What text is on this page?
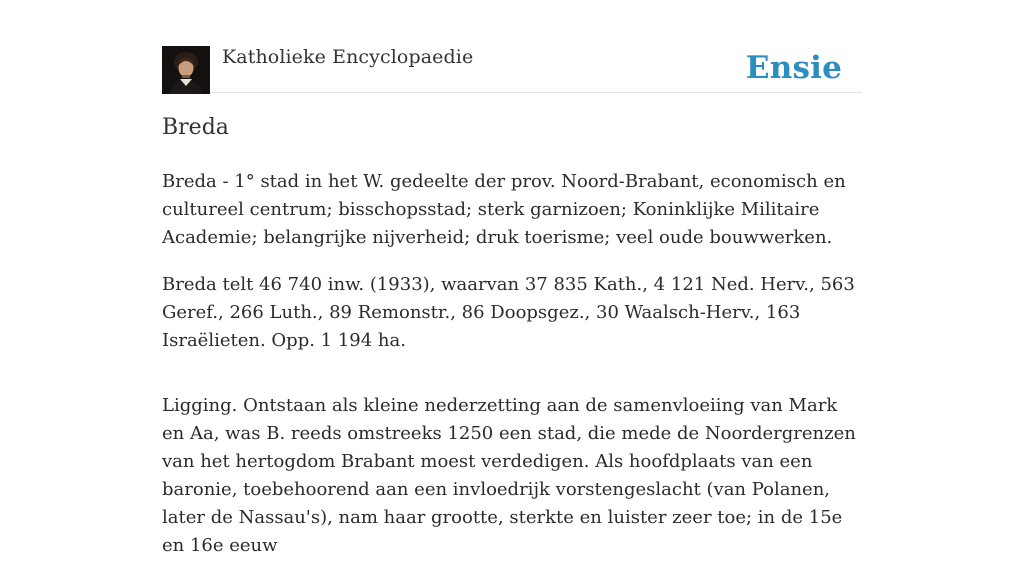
Katholieke Encyclopaedie	Ensie
Breda

Breda - 1° stad in het W. gedeelte der prov. Noord-Brabant, economisch en cultureel centrum; bisschopsstad; sterk garnizoen; Koninklijke Militaire Academie; belangrijke nijverheid; druk toerisme; veel oude bouwwerken.

Breda telt 46 740 inw. (1933), waarvan 37 835 Kath., 4 121 Ned. Herv., 563 Geref., 266 Luth., 89 Remonstr., 86 Doopsgez., 30 Waalsch-Herv., 163 Israëlieten. Opp. 1 194 ha.

Ligging. Ontstaan als kleine nederzetting aan de samenvloeiing van Mark en Aa, was B. reeds omstreeks 1250 een stad, die mede de Noordergrenzen van het hertogdom Brabant moest verdedigen. Als hoofdplaats van een baronie, toebehoorend aan een invloedrijk vorstengeslacht (van Polanen, later de Nassau's), nam haar grootte, sterkte en luister zeer toe; in de 15e en 16e eeuw
